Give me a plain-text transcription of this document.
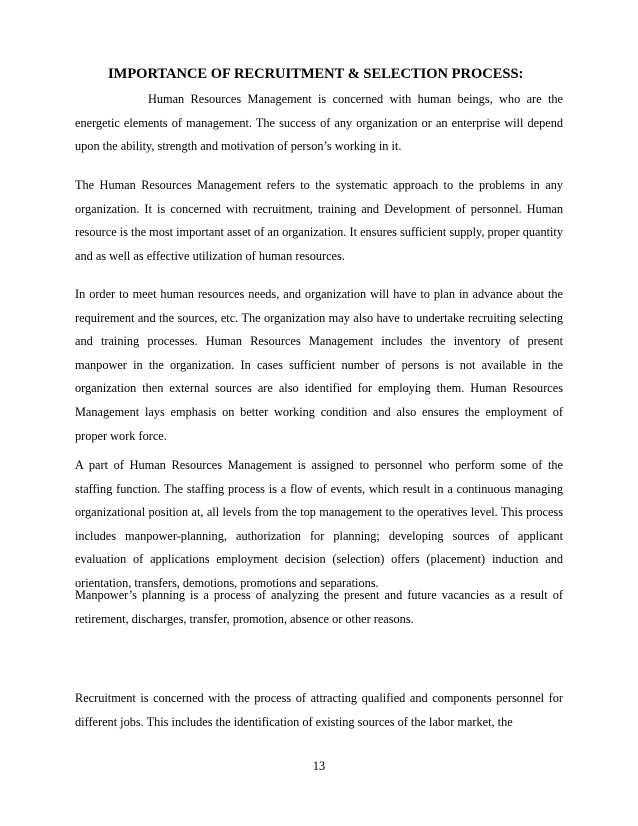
IMPORTANCE OF RECRUITMENT & SELECTION PROCESS:

Human Resources Management is concerned with human beings, who are the energetic elements of management. The success of any organization or an enterprise will depend upon the ability, strength and motivation of person’s working in it.

The Human Resources Management refers to the systematic approach to the problems in any organization. It is concerned with recruitment, training and Development of personnel. Human resource is the most important asset of an organization. It ensures sufficient supply, proper quantity and as well as effective utilization of human resources.

In order to meet human resources needs, and organization will have to plan in advance about the requirement and the sources, etc. The organization may also have to undertake recruiting selecting and training processes. Human Resources Management includes the inventory of present manpower in the organization. In cases sufficient number of persons is not available in the organization then external sources are also identified for employing them. Human Resources Management lays emphasis on better working condition and also ensures the employment of proper work force.

A part of Human Resources Management is assigned to personnel who perform some of the staffing function. The staffing process is a flow of events, which result in a continuous managing organizational position at, all levels from the top management to the operatives level. This process includes manpower-planning, authorization for planning; developing sources of applicant evaluation of applications employment decision (selection) offers (placement) induction and orientation, transfers, demotions, promotions and separations.

Manpower’s planning is a process of analyzing the present and future vacancies as a result of retirement, discharges, transfer, promotion, absence or other reasons.

Recruitment is concerned with the process of attracting qualified and components personnel for different jobs. This includes the identification of existing sources of the labor market, the

13
